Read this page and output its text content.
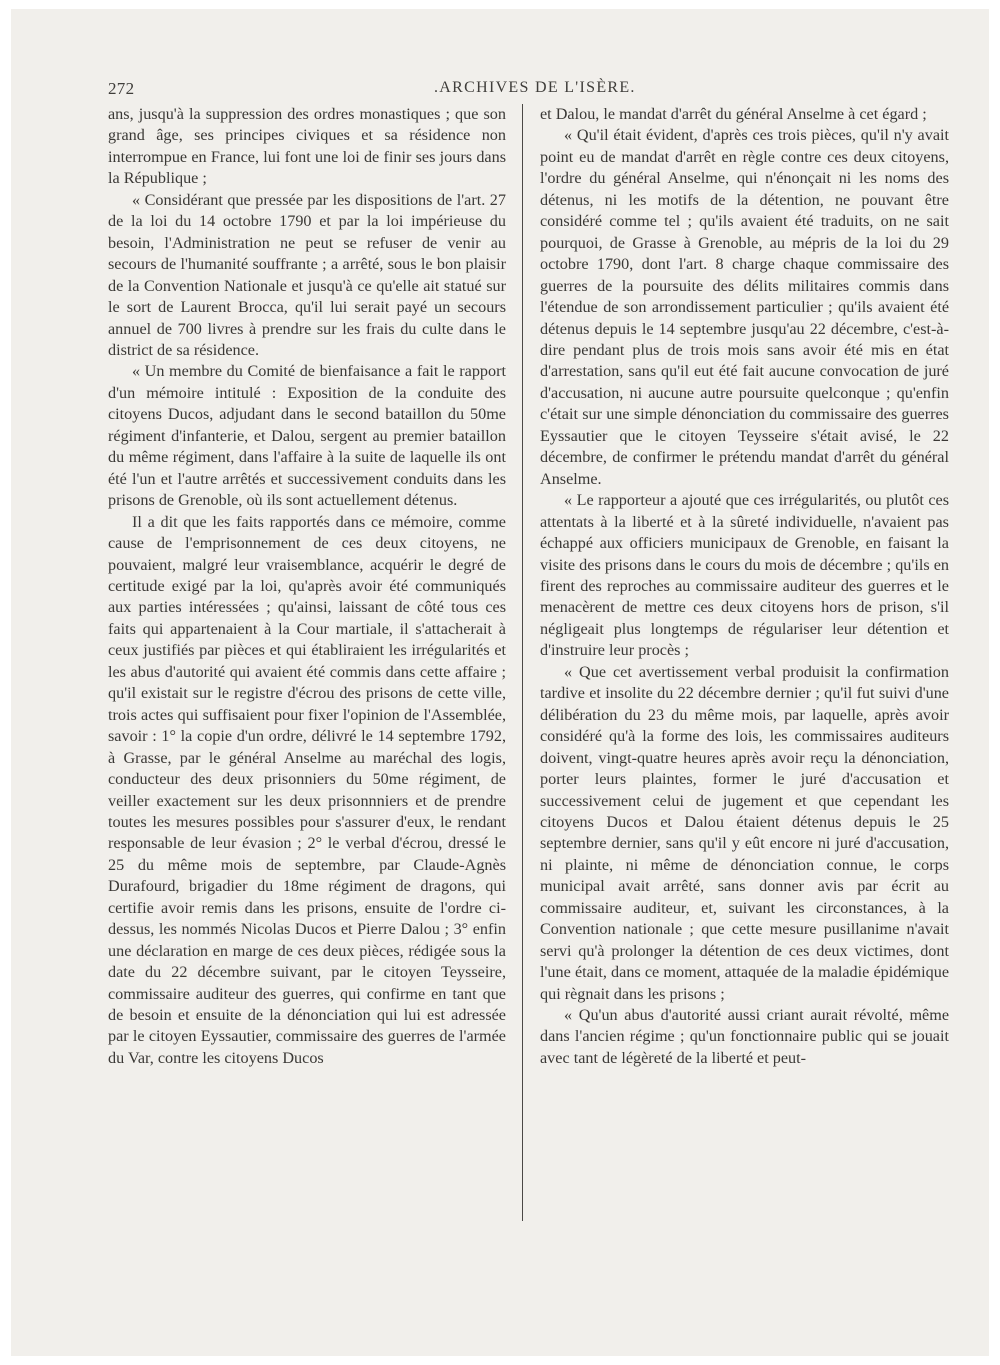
272	.ARCHIVES DE L'ISÈRE.

ans, jusqu'à la suppression des ordres monastiques ; que son grand âge, ses principes civiques et sa résidence non interrompue en France, lui font une loi de finir ses jours dans la République ;

« Considérant que pressée par les dispositions de l'art. 27 de la loi du 14 octobre 1790 et par la loi impérieuse du besoin, l'Administration ne peut se refuser de venir au secours de l'humanité souffrante ; a arrêté, sous le bon plaisir de la Convention Nationale et jusqu'à ce qu'elle ait statué sur le sort de Laurent Brocca, qu'il lui serait payé un secours annuel de 700 livres à prendre sur les frais du culte dans le district de sa résidence.

« Un membre du Comité de bienfaisance a fait le rapport d'un mémoire intitulé : Exposition de la conduite des citoyens Ducos, adjudant dans le second bataillon du 50me régiment d'infanterie, et Dalou, sergent au premier bataillon du même régiment, dans l'affaire à la suite de laquelle ils ont été l'un et l'autre arrêtés et successivement conduits dans les prisons de Grenoble, où ils sont actuellement détenus.

Il a dit que les faits rapportés dans ce mémoire, comme cause de l'emprisonnement de ces deux citoyens, ne pouvaient, malgré leur vraisemblance, acquérir le degré de certitude exigé par la loi, qu'après avoir été communiqués aux parties intéressées ; qu'ainsi, laissant de côté tous ces faits qui appartenaient à la Cour martiale, il s'attacherait à ceux justifiés par pièces et qui établiraient les irrégularités et les abus d'autorité qui avaient été commis dans cette affaire ; qu'il existait sur le registre d'écrou des prisons de cette ville, trois actes qui suffisaient pour fixer l'opinion de l'Assemblée, savoir : 1° la copie d'un ordre, délivré le 14 septembre 1792, à Grasse, par le général Anselme au maréchal des logis, conducteur des deux prisonniers du 50me régiment, de veiller exactement sur les deux prisonnniers et de prendre toutes les mesures possibles pour s'assurer d'eux, le rendant responsable de leur évasion ; 2° le verbal d'écrou, dressé le 25 du même mois de septembre, par Claude-Agnès Durafourd, brigadier du 18me régiment de dragons, qui certifie avoir remis dans les prisons, ensuite de l'ordre ci-dessus, les nommés Nicolas Ducos et Pierre Dalou ; 3° enfin une déclaration en marge de ces deux pièces, rédigée sous la date du 22 décembre suivant, par le citoyen Teysseire, commissaire auditeur des guerres, qui confirme en tant que de besoin et ensuite de la dénonciation qui lui est adressée par le citoyen Eyssautier, commissaire des guerres de l'armée du Var, contre les citoyens Ducos

et Dalou, le mandat d'arrêt du général Anselme à cet égard ;

« Qu'il était évident, d'après ces trois pièces, qu'il n'y avait point eu de mandat d'arrêt en règle contre ces deux citoyens, l'ordre du général Anselme, qui n'énonçait ni les noms des détenus, ni les motifs de la détention, ne pouvant être considéré comme tel ; qu'ils avaient été traduits, on ne sait pourquoi, de Grasse à Grenoble, au mépris de la loi du 29 octobre 1790, dont l'art. 8 charge chaque commissaire des guerres de la poursuite des délits militaires commis dans l'étendue de son arrondissement particulier ; qu'ils avaient été détenus depuis le 14 septembre jusqu'au 22 décembre, c'est-à-dire pendant plus de trois mois sans avoir été mis en état d'arrestation, sans qu'il eut été fait aucune convocation de juré d'accusation, ni aucune autre poursuite quelconque ; qu'enfin c'était sur une simple dénonciation du commissaire des guerres Eyssautier que le citoyen Teysseire s'était avisé, le 22 décembre, de confirmer le prétendu mandat d'arrêt du général Anselme.

« Le rapporteur a ajouté que ces irrégularités, ou plutôt ces attentats à la liberté et à la sûreté individuelle, n'avaient pas échappé aux officiers municipaux de Grenoble, en faisant la visite des prisons dans le cours du mois de décembre ; qu'ils en firent des reproches au commissaire auditeur des guerres et le menacèrent de mettre ces deux citoyens hors de prison, s'il négligeait plus longtemps de régulariser leur détention et d'instruire leur procès ;

« Que cet avertissement verbal produisit la confirmation tardive et insolite du 22 décembre dernier ; qu'il fut suivi d'une délibération du 23 du même mois, par laquelle, après avoir considéré qu'à la forme des lois, les commissaires auditeurs doivent, vingt-quatre heures après avoir reçu la dénonciation, porter leurs plaintes, former le juré d'accusation et successivement celui de jugement et que cependant les citoyens Ducos et Dalou étaient détenus depuis le 25 septembre dernier, sans qu'il y eût encore ni juré d'accusation, ni plainte, ni même de dénonciation connue, le corps municipal avait arrêté, sans donner avis par écrit au commissaire auditeur, et, suivant les circonstances, à la Convention nationale ; que cette mesure pusillanime n'avait servi qu'à prolonger la détention de ces deux victimes, dont l'une était, dans ce moment, attaquée de la maladie épidémique qui règnait dans les prisons ;

« Qu'un abus d'autorité aussi criant aurait révolté, même dans l'ancien régime ; qu'un fonctionnaire public qui se jouait avec tant de légèreté de la liberté et peut-
